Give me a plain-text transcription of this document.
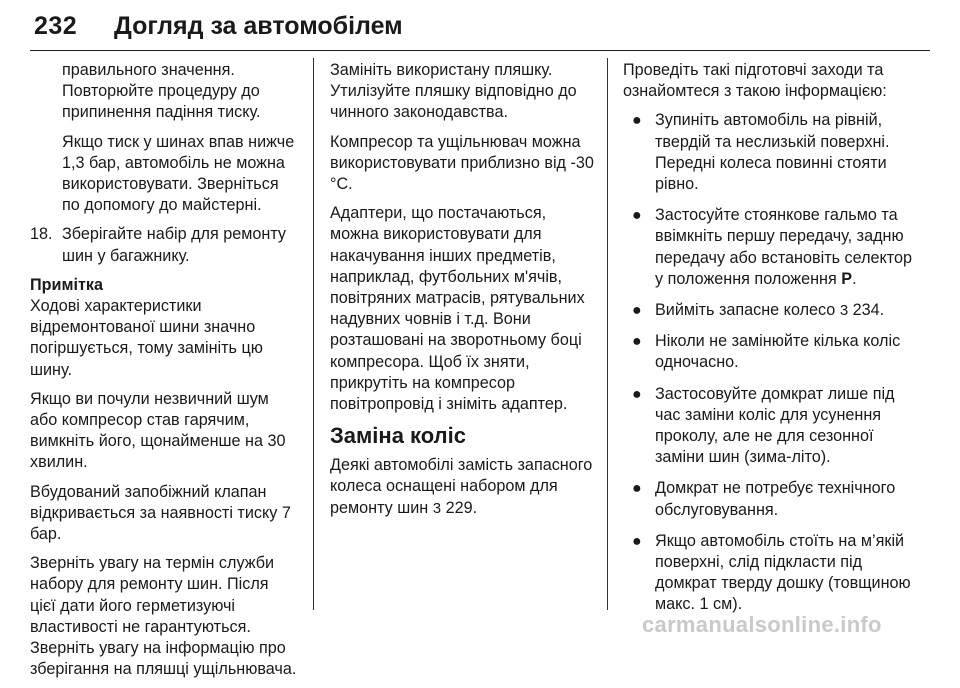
232 Догляд за автомобілем

правильного значення. Повторюйте процедуру до припинення падіння тиску.

Якщо тиск у шинах впав нижче 1,3 бар, автомобіль не можна використовувати. Зверніться по допомогу до майстерні.

18. Зберігайте набір для ремонту шин у багажнику.

Примітка

Ходові характеристики відремонтованої шини значно погіршується, тому замініть цю шину.

Якщо ви почули незвичний шум або компресор став гарячим, вимкніть його, щонайменше на 30 хвилин.

Вбудований запобіжний клапан відкривається за наявності тиску 7 бар.

Зверніть увагу на термін служби набору для ремонту шин. Після цієї дати його герметизуючі властивості не гарантуються. Зверніть увагу на інформацію про зберігання на пляшці ущільнювача.

Замініть використану пляшку. Утилізуйте пляшку відповідно до чинного законодавства.

Компресор та ущільнювач можна використовувати приблизно від -30 °C.

Адаптери, що постачаються, можна використовувати для накачування інших предметів, наприклад, футбольних м'ячів, повітряних матрасів, рятувальних надувних човнів і т.д. Вони розташовані на зворотньому боці компресора. Щоб їх зняти, прикрутіть на компресор повітропровід і зніміть адаптер.

Заміна коліс

Деякі автомобілі замість запасного колеса оснащені набором для ремонту шин 3 229.

Проведіть такі підготовчі заходи та ознайомтеся з такою інформацією:

● Зупиніть автомобіль на рівній, твердій та неслизькій поверхні. Передні колеса повинні стояти рівно.
● Застосуйте стоянкове гальмо та ввімкніть першу передачу, задню передачу або встановіть селектор у положення положення P.
● Вийміть запасне колесо 3 234.
● Ніколи не замінюйте кілька коліс одночасно.
● Застосовуйте домкрат лише під час заміни коліс для усунення проколу, але не для сезонної заміни шин (зима-літо).
● Домкрат не потребує технічного обслуговування.
● Якщо автомобіль стоїть на м’якій поверхні, слід підкласти під домкрат тверду дошку (товщиною макс. 1 см).
carmanualsonline.info
